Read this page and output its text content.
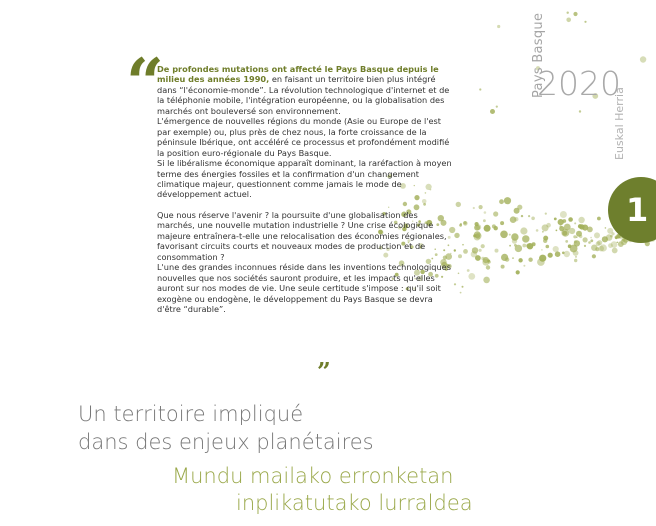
“

De profondes mutations ont affecté le Pays Basque depuis le milieu des années 1990, en faisant un territoire bien plus intégré dans “l'économie-monde”. La révolution technologique d'internet et de la téléphonie mobile, l'intégration européenne, ou la globalisation des marchés ont bouleversé son environnement.

L'émergence de nouvelles régions du monde (Asie ou Europe de l'est par exemple) ou, plus près de chez nous, la forte croissance de la péninsule Ibérique, ont accéléré ce processus et profondément modifié la position euro-régionale du Pays Basque.

Si le libéralisme économique apparaît dominant, la raréfaction à moyen terme des énergies fossiles et la confirmation d'un changement climatique majeur, questionnent comme jamais le mode de développement actuel.

Que nous réserve l'avenir ? la poursuite d'une globalisation des marchés, une nouvelle mutation industrielle ? Une crise écologique majeure entraînera-t-elle une relocalisation des économies régionales, favorisant circuits courts et nouveaux modes de production et de consommation ?

L'une des grandes inconnues réside dans les inventions technologiques nouvelles que nos sociétés sauront produire, et les impacts qu'elles auront sur nos modes de vie. Une seule certitude s'impose : qu'il soit exogène ou endogène, le développement du Pays Basque se devra d'être “durable”.

”
Pays Basque
2020
Euskal Herria
1
Un territoire impliqué
dans des enjeux planétaires
Mundu mailako erronketan
inplikatutako lurraldea
